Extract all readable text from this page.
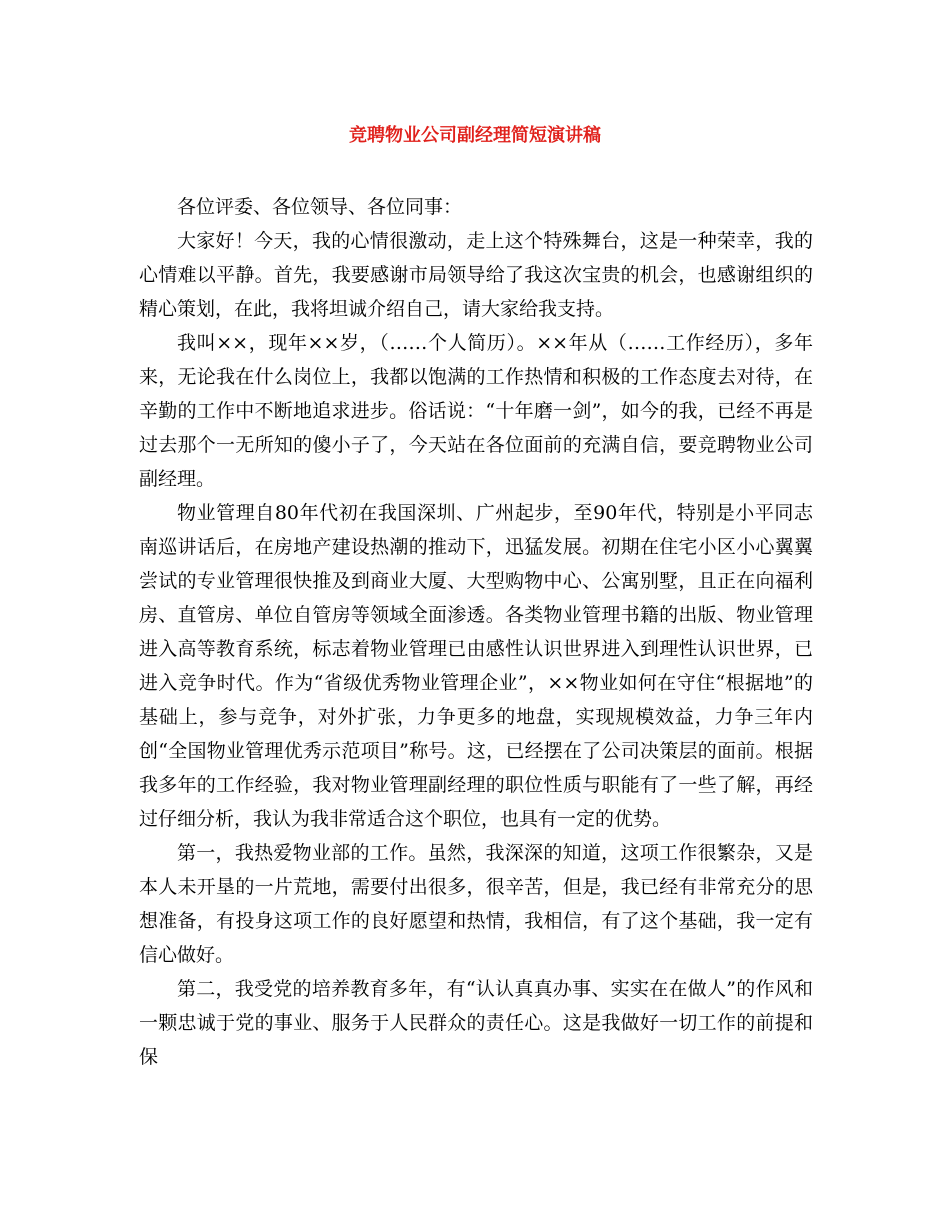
竞聘物业公司副经理简短演讲稿

各位评委、各位领导、各位同事：

大家好！今天，我的心情很激动，走上这个特殊舞台，这是一种荣幸，我的心情难以平静。首先，我要感谢市局领导给了我这次宝贵的机会，也感谢组织的精心策划，在此，我将坦诚介绍自己，请大家给我支持。

我叫××，现年××岁，（……个人简历）。××年从（……工作经历），多年来，无论我在什么岗位上，我都以饱满的工作热情和积极的工作态度去对待，在辛勤的工作中不断地追求进步。俗话说：“十年磨一剑”，如今的我，已经不再是过去那个一无所知的傻小子了，今天站在各位面前的充满自信，要竞聘物业公司副经理。

物业管理自80年代初在我国深圳、广州起步，至90年代，特别是小平同志南巡讲话后，在房地产建设热潮的推动下，迅猛发展。初期在住宅小区小心翼翼尝试的专业管理很快推及到商业大厦、大型购物中心、公寓别墅，且正在向福利房、直管房、单位自管房等领域全面渗透。各类物业管理书籍的出版、物业管理进入高等教育系统，标志着物业管理已由感性认识世界进入到理性认识世界，已进入竞争时代。作为“省级优秀物业管理企业”，××物业如何在守住“根据地”的基础上，参与竞争，对外扩张，力争更多的地盘，实现规模效益，力争三年内创“全国物业管理优秀示范项目”称号。这，已经摆在了公司决策层的面前。根据我多年的工作经验，我对物业管理副经理的职位性质与职能有了一些了解，再经过仔细分析，我认为我非常适合这个职位，也具有一定的优势。

第一，我热爱物业部的工作。虽然，我深深的知道，这项工作很繁杂，又是本人未开垦的一片荒地，需要付出很多，很辛苦，但是，我已经有非常充分的思想准备，有投身这项工作的良好愿望和热情，我相信，有了这个基础，我一定有信心做好。

第二，我受党的培养教育多年，有“认认真真办事、实实在在做人”的作风和一颗忠诚于党的事业、服务于人民群众的责任心。这是我做好一切工作的前提和保
